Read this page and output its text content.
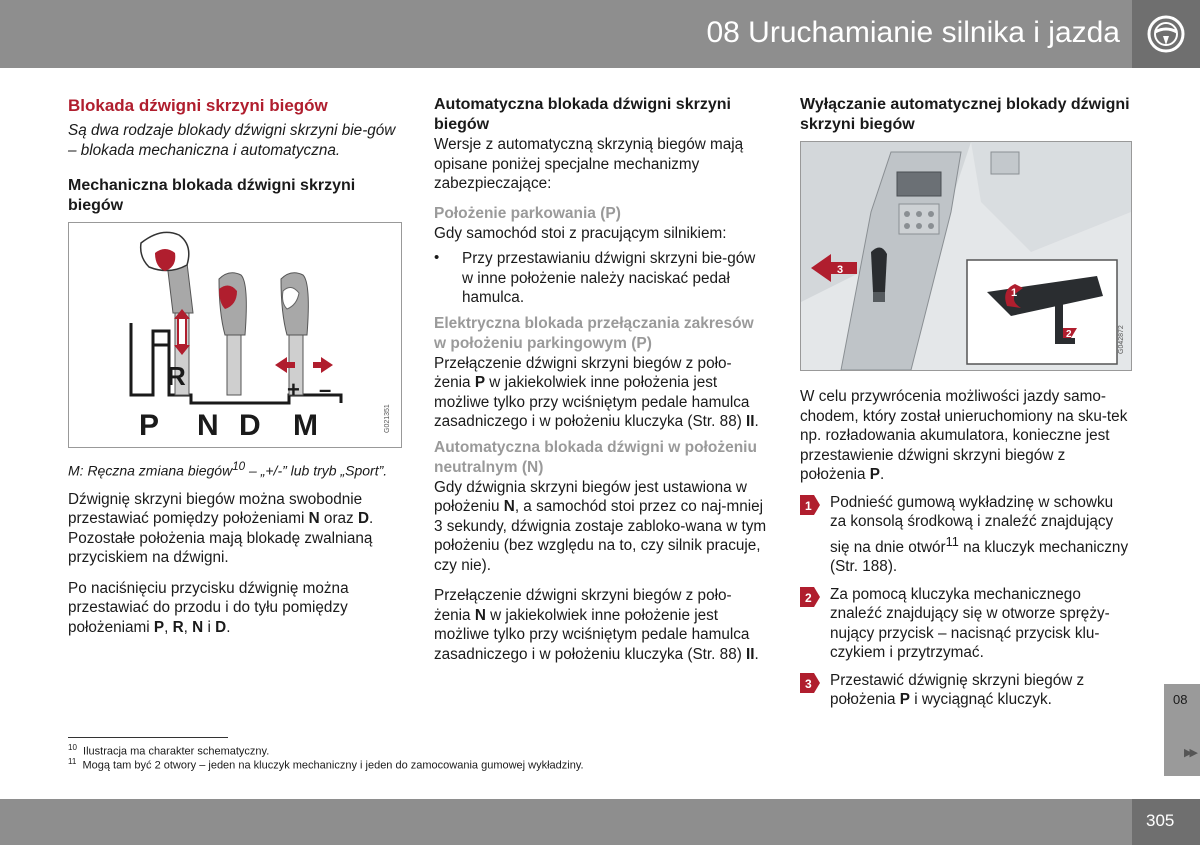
08 Uruchamianie silnika i jazda

Blokada dźwigni skrzyni biegów

Są dwa rodzaje blokady dźwigni skrzyni bie-gów – blokada mechaniczna i automatyczna.

Mechaniczna blokada dźwigni skrzyni biegów

R	+ –
P N D M	G021351

M: Ręczna zmiana biegów$^{10}$ – „+/-” lub tryb „Sport”.

Dźwignię skrzyni biegów można swobodnie przestawiać pomiędzy położeniami N oraz D. Pozostałe położenia mają blokadę zwalnianą przyciskiem na dźwigni.

Po naciśnięciu przycisku dźwignię można przestawiać do przodu i do tyłu pomiędzy położeniami P, R, N i D.

Automatyczna blokada dźwigni skrzyni biegów

Wersje z automatyczną skrzynią biegów mają opisane poniżej specjalne mechanizmy zabezpieczające:

Położenie parkowania (P)

Gdy samochód stoi z pracującym silnikiem:

•	Przy przestawianiu dźwigni skrzyni bie-gów w inne położenie należy naciskać pedał hamulca.

Elektryczna blokada przełączania zakresów w położeniu parkingowym (P)

Przełączenie dźwigni skrzyni biegów z poło-żenia P w jakiekolwiek inne położenia jest możliwe tylko przy wciśniętym pedale hamulca zasadniczego i w położeniu kluczyka (Str. 88) II.

Automatyczna blokada dźwigni w położeniu neutralnym (N)

Gdy dźwignia skrzyni biegów jest ustawiona w położeniu N, a samochód stoi przez co naj-mniej 3 sekundy, dźwignia zostaje zabloko-wana w tym położeniu (bez względu na to, czy silnik pracuje, czy nie).

Przełączenie dźwigni skrzyni biegów z poło-żenia N w jakiekolwiek inne położenie jest możliwe tylko przy wciśniętym pedale hamulca zasadniczego i w położeniu kluczyka (Str. 88) II.

Wyłączanie automatycznej blokady dźwigni skrzyni biegów

3
1
2	G042872

W celu przywrócenia możliwości jazdy samo-chodem, który został unieruchomiony na sku-tek np. rozładowania akumulatora, konieczne jest przestawienie dźwigni skrzyni biegów z położenia P.

1 Podnieść gumową wykładzinę w schowku za konsolą środkową i znaleźć znajdujący się na dnie otwór$^{11}$ na kluczyk mechaniczny (Str. 188).

2 Za pomocą kluczyka mechanicznego znaleźć znajdujący się w otworze spręży-nujący przycisk – nacisnąć przycisk klu-czykiem i przytrzymać.

3 Przestawić dźwignię skrzyni biegów z położenia P i wyciągnąć kluczyk.

$^{10}$ Ilustracja ma charakter schematyczny.
$^{11}$ Mogą tam być 2 otwory – jeden na kluczyk mechaniczny i jeden do zamocowania gumowej wykładziny.
08
▶▶
305
